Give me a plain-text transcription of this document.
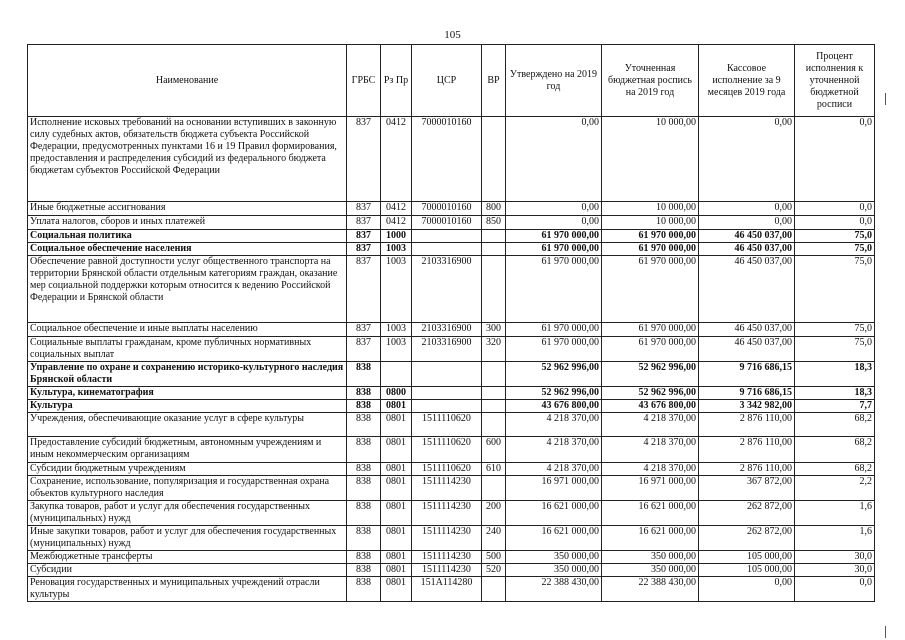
105
Наименование	ГРБС	Рз Пр	ЦСР	ВР	Утверждено на 2019 год	Уточненная бюджетная роспись на 2019 год	Кассовое исполнение за 9 месяцев 2019 года	Процент исполнения к уточненной бюджетной росписи
Исполнение исковых требований на основании вступивших в законную силу судебных актов, обязательств бюджета субъекта Российской Федерации, предусмотренных пунктами 16 и 19 Правил формирования, предоставления и распределения субсидий из федерального бюджета бюджетам субъектов Российской Федерации	837	0412	7000010160		0,00	10 000,00	0,00	0,0
Иные бюджетные ассигнования	837	0412	7000010160	800	0,00	10 000,00	0,00	0,0
Уплата налогов, сборов и иных платежей	837	0412	7000010160	850	0,00	10 000,00	0,00	0,0
Социальная политика	837	1000			61 970 000,00	61 970 000,00	46 450 037,00	75,0
Социальное обеспечение населения	837	1003			61 970 000,00	61 970 000,00	46 450 037,00	75,0
Обеспечение равной доступности услуг общественного транспорта на территории Брянской области отдельным категориям граждан, оказание мер социальной поддержки которым относится к ведению Российской Федерации и Брянской области	837	1003	2103316900		61 970 000,00	61 970 000,00	46 450 037,00	75,0
Социальное обеспечение и иные выплаты населению	837	1003	2103316900	300	61 970 000,00	61 970 000,00	46 450 037,00	75,0
Социальные выплаты гражданам, кроме публичных нормативных социальных выплат	837	1003	2103316900	320	61 970 000,00	61 970 000,00	46 450 037,00	75,0
Управление по охране и сохранению историко-культурного наследия Брянской области	838				52 962 996,00	52 962 996,00	9 716 686,15	18,3
Культура, кинематография	838	0800			52 962 996,00	52 962 996,00	9 716 686,15	18,3
Культура	838	0801			43 676 800,00	43 676 800,00	3 342 982,00	7,7
Учреждения, обеспечивающие оказание услуг в сфере культуры	838	0801	1511110620		4 218 370,00	4 218 370,00	2 876 110,00	68,2
Предоставление субсидий бюджетным, автономным учреждениям и иным некоммерческим организациям	838	0801	1511110620	600	4 218 370,00	4 218 370,00	2 876 110,00	68,2
Субсидии бюджетным учреждениям	838	0801	1511110620	610	4 218 370,00	4 218 370,00	2 876 110,00	68,2
Сохранение, использование, популяризация и государственная охрана объектов культурного наследия	838	0801	1511114230		16 971 000,00	16 971 000,00	367 872,00	2,2
Закупка товаров, работ и услуг для обеспечения государственных (муниципальных) нужд	838	0801	1511114230	200	16 621 000,00	16 621 000,00	262 872,00	1,6
Иные закупки товаров, работ и услуг для обеспечения государственных (муниципальных) нужд	838	0801	1511114230	240	16 621 000,00	16 621 000,00	262 872,00	1,6
Межбюджетные трансферты	838	0801	1511114230	500	350 000,00	350 000,00	105 000,00	30,0
Субсидии	838	0801	1511114230	520	350 000,00	350 000,00	105 000,00	30,0
Реновация государственных и муниципальных учреждений отрасли культуры	838	0801	151A114280		22 388 430,00	22 388 430,00	0,00	0,0
